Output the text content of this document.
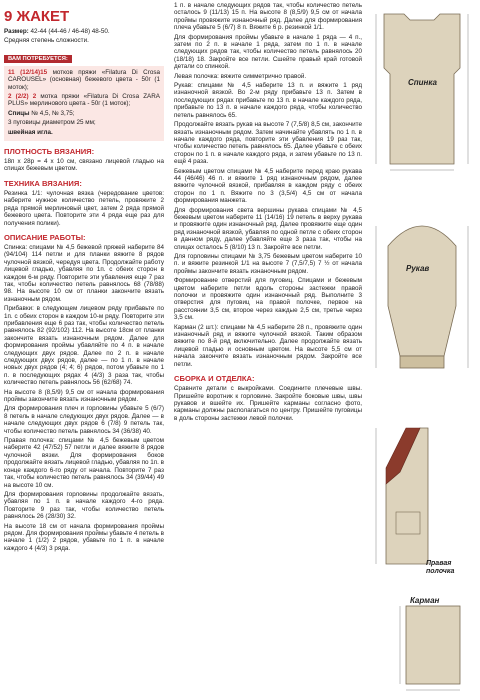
9 ЖАКЕТ
Размер: 42-44 (44-46 / 46-48) 48-50.
Средняя степень сложности.
ВАМ ПОТРЕБУЕТСЯ:
11 (12/14)15 мотков пряжи «Filatura Di Crosa CAROUSEL» (основная) бежевого цвета - 50г (1 моток);
2 (2/2) 2 мотка пряжи «Filatura Di Crosa ZARA PLUS» мерлинового цвета - 50г (1 моток);
Спицы № 4,5, № 3,75;
3 пуговицы диаметром 25 мм;
швейная игла.
ПЛОТНОСТЬ ВЯЗАНИЯ:
18п х 28р = 4 х 10 см, связано лицевой гладью на спицах бежевым цветом.
ТЕХНИКА ВЯЗАНИЯ:
Резинка 1/1: чулочная вязка (чередование цветов: наберите нужное количество петель, провяжите 2 ряда прямой мерлиновый цвет, затем 2 ряда прямой бежевого цвета. Повторите эти 4 ряда еще раз для получения полики).
ОПИСАНИЕ РАБОТЫ:
Спинка: спицами № 4,5 бежевой пряжей наберите 84 (94/104) 114 петли и для планки вяжите 8 рядов чулочной вязкой, чередуя цвета. Продолжайте работу лицевой гладью, убавляя по 1п. с обеих сторон в каждом 6-м ряду. Повторите эти убавления еще 7 раз так, чтобы количество петель равнялось 68 (78/88) 98. На высоте 10 см от планки закончите вязать изнаночным рядом.
Прибавки: в следующем лицевом ряду прибавьте по 1п. с обеих сторон в каждом 10-м ряду. Повторите эти прибавления еще 6 раз так, чтобы количество петель равнялось 82 (92/102) 112. На высоте 18см от планки закончите вязать изнаночным рядом. Далее для формирования проймы убавляйте по 4 п. в начале следующих двух рядов. Далее по 2 п. в начале следующих двух рядов, далее — по 1 п. в начале новых двух рядов (4; 4; 6) рядов, потом убавьте по 1 п. в последующих рядах 4 (4/3) 3 раза так, чтобы количество петель равнялось 56 (62/68) 74.
На высоте 8 (8,5/9) 9,5 см от начала формирования проймы закончите вязать изнаночным рядом.
Для формирования плеч и горловины убавьте 5 (6/7) 8 петель в начале следующих двух рядов. Далее — в начале следующих двух рядов 6 (7/8) 9 петель так, чтобы количество петель равнялось 34 (36/38) 40.
Правая полочка: спицами № 4,5 бежевым цветом наберите 42 (47/52) 57 петли и далее вяжите 8 рядов чулочной вязки. Для формирования боков продолжайте вязать лицевой гладью, убавляя по 1п. в конце каждого 6-го ряду от начала. Повторите 7 раз так, чтобы количество петель равнялось 34 (39/44) 49 на высоте 10 см.
Для формирования горловины продолжайте вязать, убавляя по 1 п. в начале каждого 4-го ряда. Повторите 9 раз так, чтобы количество петель равнялось 26 (28/30) 32.
На высоте 18 см от начала формирования проймы рядом. Для формирования проймы убавьте 4 петель в начале 1 (1/2) 2 рядов, убавьте по 1 п. в начале каждого 4 (4/3) 3 ряда.
1 п. в начале следующих рядов так, чтобы количество петель осталось 9 (11/13) 15 п. На высоте 8 (8,5/9) 9,5 см от начала проймы провяжите изнаночный ряд. Далее для формирования плеча убавьте 5 (6/7) 8 п. Вяжите 6 р. резинкой 1/1.
Для формирования проймы убавьте в начале 1 ряда — 4 п., затем по 2 п. в начале 1 ряда, затем по 1 п. в начале следующих рядов так, чтобы количество петель равнялось 20 (18/18) 18. Закройте все петли. Сшейте правый край готовой детали со спинкой.
Левая полочка: вяжите симметрично правой.
Рукав: спицами № 4,5 наберите 13 п. и вяжите 1 ряд изнаночной вязкой. Во 2-м ряду прибавьте 13 п. Затем в последующих рядах прибавьте по 13 п. в начале каждого ряда, прибавьте по 13 п. в начале каждого ряда, чтобы количество петель равнялось 65.
Продолжайте вязать рукав на высоте 7 (7,5/8) 8,5 см, закончите вязать изнаночным рядом. Затем начинайте убавлять по 1 п. в начале каждого ряда, повторите эти убавления 19 раз так, чтобы количество петель равнялось 65. Далее убавьте с обеих сторон по 1 п. в начале каждого ряда, и затем убавьте по 13 п. ещё 4 раза.
Бежевым цветом спицами № 4,5 наберите перед краю рукава 44 (46/46) 46 п. и вяжите 1 ряд изнаночным рядом, далее вяжите чулочной вязкой, прибавляя в каждом ряду с обеих сторон по 1 п. Вяжите по 3 (3,5/4) 4,5 см от начала формирования манжета.
Для формирования света вершины рукава спицами № 4,5 бежевым цветом наберите 11 (14/16) 19 петель в верху рукава и провяжите один изнаночный ряд. Далее провяжите еще один ряд изнаночной вязкой, убавляя по одной петле с обеих сторон в данном ряду, далее убавляйте еще 3 раза так, чтобы на спицах осталось 5 (8/10) 13 п. Закройте все петли.
Для горловины спицами № 3,75 бежевым цветом наберите 10 п. и вяжите резинкой 1/1 на высоте 7 (7,5/7,5) 7 ½ от начала проймы закончите вязать изнаночным рядом.
Формирование отверстий для пуговиц. Спицами и бежевым цветом наберите петли вдоль стороны застежки правой полочки и провяжите один изнаночный ряд. Выполните 3 отверстия для пуговиц на правой полочке, первое на расстоянии 3,5 см, второе через каждые 2,5 см, третье через 3,5 см.
Карман (2 шт.): спицами № 4,5 наберите 28 п., провяжите один изнаночный ряд и вяжите чулочной вязкой. Таким образом вяжите по 8-й ряд включительно. Далее продолжайте вязать лицевой гладью и основным цветом. На высоте 5,5 см от начала закончите вязать изнаночным рядом. Закройте все петли.
СБОРКА И ОТДЕЛКА:
Сравните детали с выкройками. Соедините плечевые швы. Пришейте воротник к горловине. Закройте боковые швы, швы рукавов и вшейте их. Пришейте карманы согласно фото, карманы должны располагаться по центру. Пришейте пуговицы в доль стороны застежки левой полочки.
Спинка
Рукав
Правая полочка
Карман
